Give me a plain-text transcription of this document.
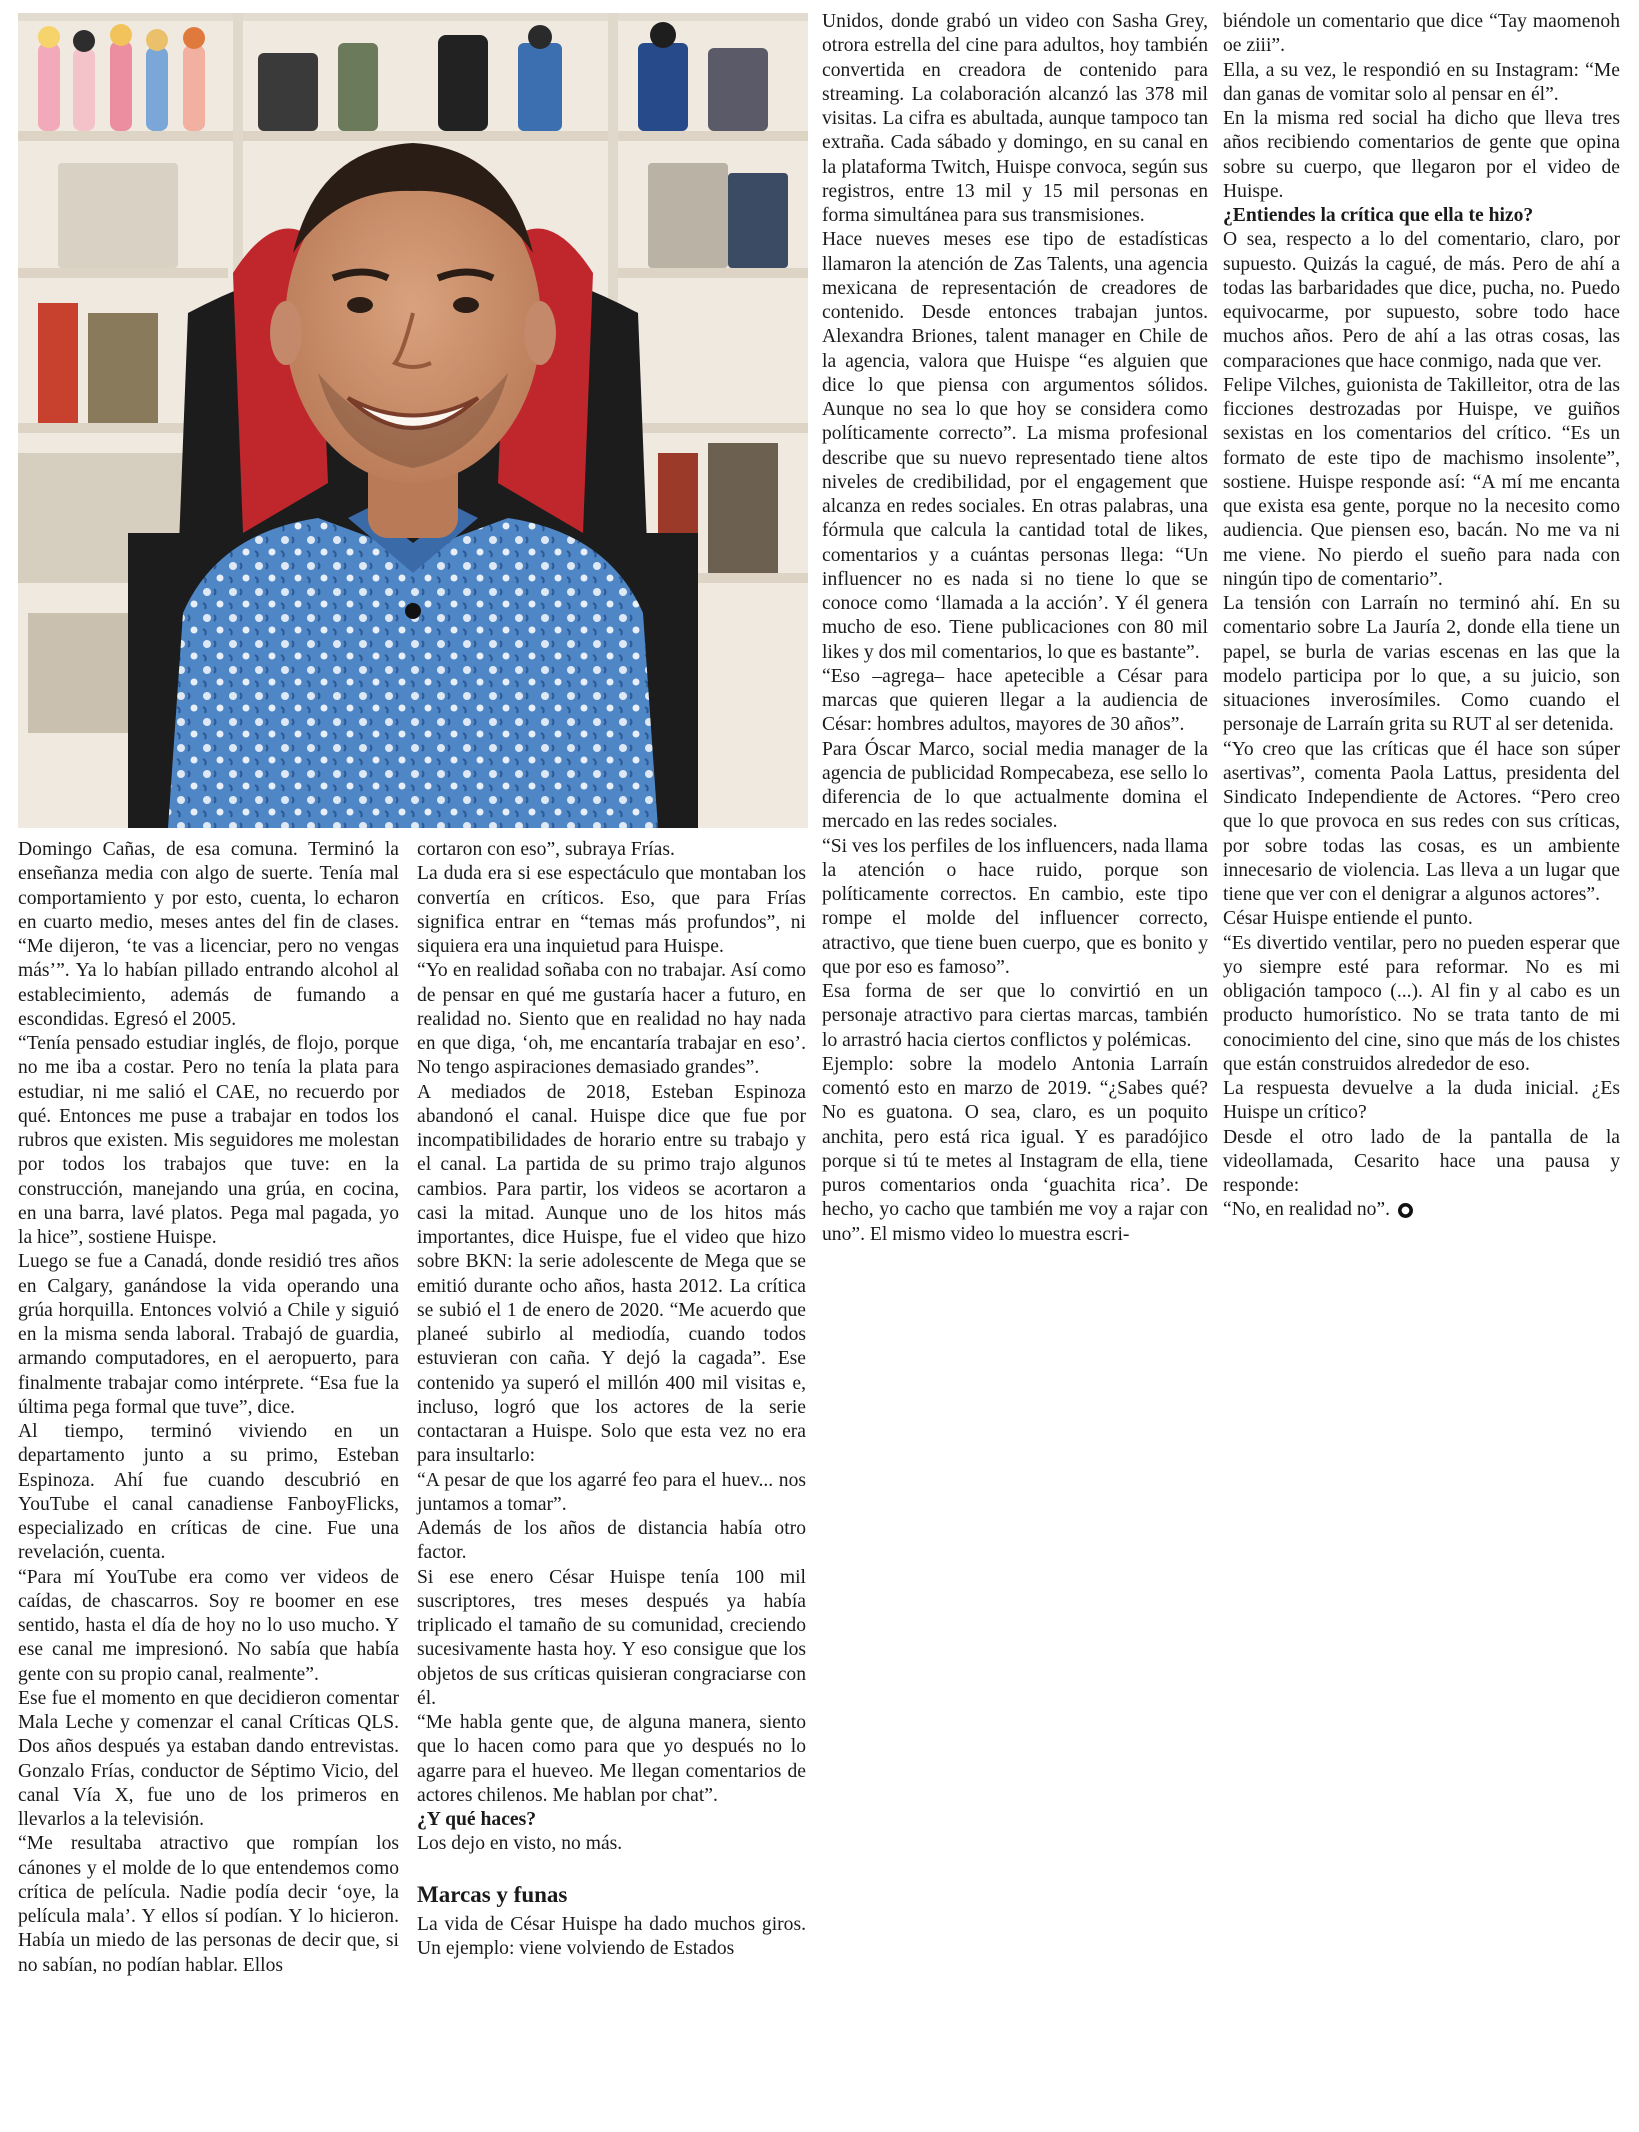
Domingo Cañas, de esa comuna. Terminó la enseñanza media con algo de suerte. Tenía mal comportamiento y por esto, cuenta, lo echaron en cuarto medio, meses antes del fin de clases. “Me dijeron, ‘te vas a licenciar, pero no vengas más’”. Ya lo habían pillado entrando alcohol al establecimiento, además de fumando a escondidas. Egresó el 2005.

“Tenía pensado estudiar inglés, de flojo, porque no me iba a costar. Pero no tenía la plata para estudiar, ni me salió el CAE, no recuerdo por qué. Entonces me puse a trabajar en todos los rubros que existen. Mis seguidores me molestan por todos los trabajos que tuve: en la construcción, manejando una grúa, en cocina, en una barra, lavé platos. Pega mal pagada, yo la hice”, sostiene Huispe.

Luego se fue a Canadá, donde residió tres años en Calgary, ganándose la vida operando una grúa horquilla. Entonces volvió a Chile y siguió en la misma senda laboral. Trabajó de guardia, armando computadores, en el aeropuerto, para finalmente trabajar como intérprete. “Esa fue la última pega formal que tuve”, dice.

Al tiempo, terminó viviendo en un departamento junto a su primo, Esteban Espinoza. Ahí fue cuando descubrió en YouTube el canal canadiense FanboyFlicks, especializado en críticas de cine. Fue una revelación, cuenta.

“Para mí YouTube era como ver videos de caídas, de chascarros. Soy re boomer en ese sentido, hasta el día de hoy no lo uso mucho. Y ese canal me impresionó. No sabía que había gente con su propio canal, realmente”.

Ese fue el momento en que decidieron comentar Mala Leche y comenzar el canal Críticas QLS. Dos años después ya estaban dando entrevistas. Gonzalo Frías, conductor de Séptimo Vicio, del canal Vía X, fue uno de los primeros en llevarlos a la televisión.

“Me resultaba atractivo que rompían los cánones y el molde de lo que entendemos como crítica de película. Nadie podía decir ‘oye, la película mala’. Y ellos sí podían. Y lo hicieron. Había un miedo de las personas de decir que, si no sabían, no podían hablar. Ellos

cortaron con eso”, subraya Frías.

La duda era si ese espectáculo que montaban los convertía en críticos. Eso, que para Frías significa entrar en “temas más profundos”, ni siquiera era una inquietud para Huispe.

“Yo en realidad soñaba con no trabajar. Así como de pensar en qué me gustaría hacer a futuro, en realidad no. Siento que en realidad no hay nada en que diga, ‘oh, me encantaría trabajar en eso’. No tengo aspiraciones demasiado grandes”.

A mediados de 2018, Esteban Espinoza abandonó el canal. Huispe dice que fue por incompatibilidades de horario entre su trabajo y el canal. La partida de su primo trajo algunos cambios. Para partir, los videos se acortaron a casi la mitad. Aunque uno de los hitos más importantes, dice Huispe, fue el video que hizo sobre BKN: la serie adolescente de Mega que se emitió durante ocho años, hasta 2012. La crítica se subió el 1 de enero de 2020. “Me acuerdo que planeé subirlo al mediodía, cuando todos estuvieran con caña. Y dejó la cagada”. Ese contenido ya superó el millón 400 mil visitas e, incluso, logró que los actores de la serie contactaran a Huispe. Solo que esta vez no era para insultarlo:

“A pesar de que los agarré feo para el huev... nos juntamos a tomar”.

Además de los años de distancia había otro factor.

Si ese enero César Huispe tenía 100 mil suscriptores, tres meses después ya había triplicado el tamaño de su comunidad, creciendo sucesivamente hasta hoy. Y eso consigue que los objetos de sus críticas quisieran congraciarse con él.

“Me habla gente que, de alguna manera, siento que lo hacen como para que yo después no lo agarre para el hueveo. Me llegan comentarios de actores chilenos. Me hablan por chat”.

¿Y qué haces?

Los dejo en visto, no más.

Marcas y funas

La vida de César Huispe ha dado muchos giros. Un ejemplo: viene volviendo de Estados

Unidos, donde grabó un video con Sasha Grey, otrora estrella del cine para adultos, hoy también convertida en creadora de contenido para streaming. La colaboración alcanzó las 378 mil visitas. La cifra es abultada, aunque tampoco tan extraña. Cada sábado y domingo, en su canal en la plataforma Twitch, Huispe convoca, según sus registros, entre 13 mil y 15 mil personas en forma simultánea para sus transmisiones.

Hace nueves meses ese tipo de estadísticas llamaron la atención de Zas Talents, una agencia mexicana de representación de creadores de contenido. Desde entonces trabajan juntos. Alexandra Briones, talent manager en Chile de la agencia, valora que Huispe “es alguien que dice lo que piensa con argumentos sólidos. Aunque no sea lo que hoy se considera como políticamente correcto”. La misma profesional describe que su nuevo representado tiene altos niveles de credibilidad, por el engagement que alcanza en redes sociales. En otras palabras, una fórmula que calcula la cantidad total de likes, comentarios y a cuántas personas llega: “Un influencer no es nada si no tiene lo que se conoce como ‘llamada a la acción’. Y él genera mucho de eso. Tiene publicaciones con 80 mil likes y dos mil comentarios, lo que es bastante”.

“Eso –agrega– hace apetecible a César para marcas que quieren llegar a la audiencia de César: hombres adultos, mayores de 30 años”.

Para Óscar Marco, social media manager de la agencia de publicidad Rompecabeza, ese sello lo diferencia de lo que actualmente domina el mercado en las redes sociales.

“Si ves los perfiles de los influencers, nada llama la atención o hace ruido, porque son políticamente correctos. En cambio, este tipo rompe el molde del influencer correcto, atractivo, que tiene buen cuerpo, que es bonito y que por eso es famoso”.

Esa forma de ser que lo convirtió en un personaje atractivo para ciertas marcas, también lo arrastró hacia ciertos conflictos y polémicas.

Ejemplo: sobre la modelo Antonia Larraín comentó esto en marzo de 2019. “¿Sabes qué? No es guatona. O sea, claro, es un poquito anchita, pero está rica igual. Y es paradójico porque si tú te metes al Instagram de ella, tiene puros comentarios onda ‘guachita rica’. De hecho, yo cacho que también me voy a rajar con uno”. El mismo video lo muestra escri-

biéndole un comentario que dice “Tay maomenoh oe ziii”.

Ella, a su vez, le respondió en su Instagram: “Me dan ganas de vomitar solo al pensar en él”.

En la misma red social ha dicho que lleva tres años recibiendo comentarios de gente que opina sobre su cuerpo, que llegaron por el video de Huispe.

¿Entiendes la crítica que ella te hizo?

O sea, respecto a lo del comentario, claro, por supuesto. Quizás la cagué, de más. Pero de ahí a todas las barbaridades que dice, pucha, no. Puedo equivocarme, por supuesto, sobre todo hace muchos años. Pero de ahí a las otras cosas, las comparaciones que hace conmigo, nada que ver.

Felipe Vilches, guionista de Takilleitor, otra de las ficciones destrozadas por Huispe, ve guiños sexistas en los comentarios del crítico. “Es un formato de este tipo de machismo insolente”, sostiene. Huispe responde así: “A mí me encanta que exista esa gente, porque no la necesito como audiencia. Que piensen eso, bacán. No me va ni me viene. No pierdo el sueño para nada con ningún tipo de comentario”.

La tensión con Larraín no terminó ahí. En su comentario sobre La Jauría 2, donde ella tiene un papel, se burla de varias escenas en las que la modelo participa por lo que, a su juicio, son situaciones inverosímiles. Como cuando el personaje de Larraín grita su RUT al ser detenida.

“Yo creo que las críticas que él hace son súper asertivas”, comenta Paola Lattus, presidenta del Sindicato Independiente de Actores. “Pero creo que lo que provoca en sus redes con sus críticas, por sobre todas las cosas, es un ambiente innecesario de violencia. Las lleva a un lugar que tiene que ver con el denigrar a algunos actores”.

César Huispe entiende el punto.

“Es divertido ventilar, pero no pueden esperar que yo siempre esté para reformar. No es mi obligación tampoco (...). Al fin y al cabo es un producto humorístico. No se trata tanto de mi conocimiento del cine, sino que más de los chistes que están construidos alrededor de eso.

La respuesta devuelve a la duda inicial. ¿Es Huispe un crítico?

Desde el otro lado de la pantalla de la videollamada, Cesarito hace una pausa y responde:

“No, en realidad no”. ●
